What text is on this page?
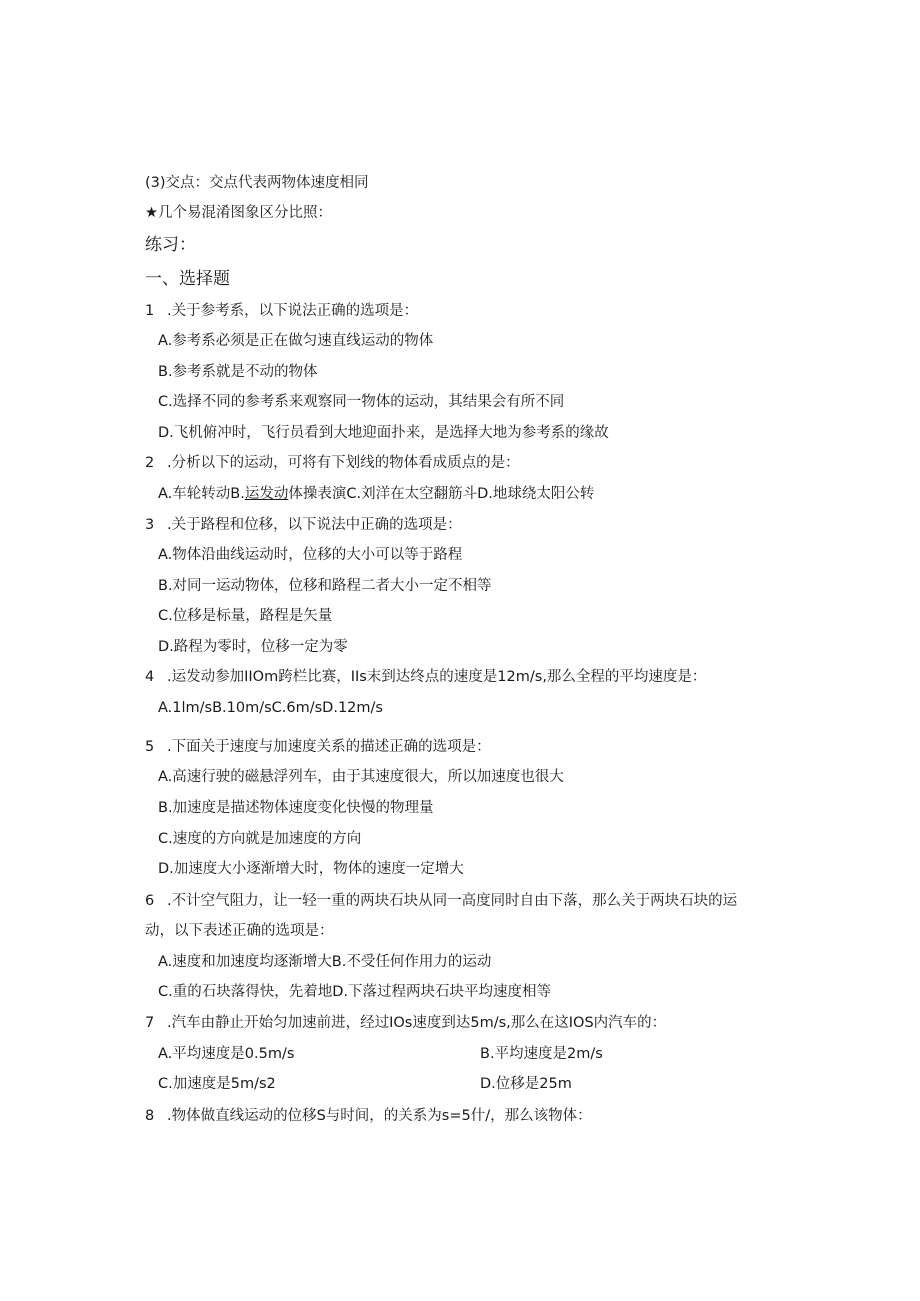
(3)交点：交点代表两物体速度相同
★几个易混淆图象区分比照：
练习：
一、选择题
1 .关于参考系，以下说法正确的选项是：
A.参考系必须是正在做匀速直线运动的物体
B.参考系就是不动的物体
C.选择不同的参考系来观察同一物体的运动，其结果会有所不同
D.飞机俯冲时，飞行员看到大地迎面扑来，是选择大地为参考系的缘故
2 .分析以下的运动，可将有下划线的物体看成质点的是：
A.车轮转动B.运发动体操表演C.刘洋在太空翻筋斗D.地球绕太阳公转
3 .关于路程和位移，以下说法中正确的选项是：
A.物体沿曲线运动时，位移的大小可以等于路程
B.对同一运动物体，位移和路程二者大小一定不相等
C.位移是标量，路程是矢量
D.路程为零时，位移一定为零
4 .运发动参加IIOm跨栏比赛，IIs末到达终点的速度是12m∕s,那么全程的平均速度是：
A.1lm∕sB.10m∕sC.6m∕sD.12m∕s
5 .下面关于速度与加速度关系的描述正确的选项是：
A.高速行驶的磁悬浮列车，由于其速度很大，所以加速度也很大
B.加速度是描述物体速度变化快慢的物理量
C.速度的方向就是加速度的方向
D.加速度大小逐渐增大时，物体的速度一定增大
6 .不计空气阻力，让一轻一重的两块石块从同一高度同时自由下落，那么关于两块石块的运
动，以下表述正确的选项是：
A.速度和加速度均逐渐增大B.不受任何作用力的运动
C.重的石块落得快，先着地D.下落过程两块石块平均速度相等
7 .汽车由静止开始匀加速前进，经过IOs速度到达5m∕s,那么在这IOS内汽车的：
A.平均速度是0.5m∕s	B.平均速度是2m∕s
C.加速度是5m∕s2	D.位移是25m
8 .物体做直线运动的位移S与时间，的关系为s=5什/，那么该物体：
